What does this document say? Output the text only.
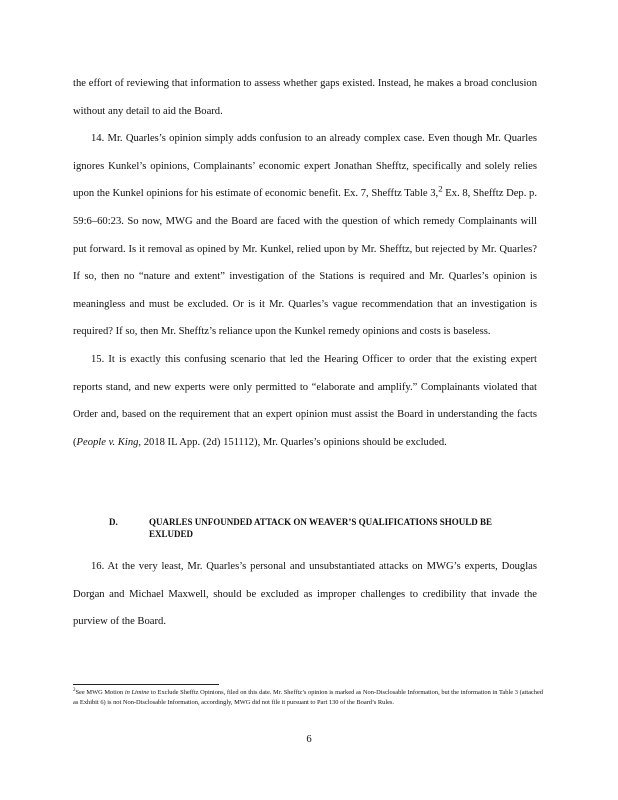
the effort of reviewing that information to assess whether gaps existed. Instead, he makes a broad conclusion without any detail to aid the Board.

14. Mr. Quarles’s opinion simply adds confusion to an already complex case. Even though Mr. Quarles ignores Kunkel’s opinions, Complainants’ economic expert Jonathan Shefftz, specifically and solely relies upon the Kunkel opinions for his estimate of economic benefit. Ex. 7, Shefftz Table 3,$^2$ Ex. 8, Shefftz Dep. p. 59:6–60:23. So now, MWG and the Board are faced with the question of which remedy Complainants will put forward. Is it removal as opined by Mr. Kunkel, relied upon by Mr. Shefftz, but rejected by Mr. Quarles? If so, then no “nature and extent” investigation of the Stations is required and Mr. Quarles’s opinion is meaningless and must be excluded. Or is it Mr. Quarles’s vague recommendation that an investigation is required? If so, then Mr. Shefftz’s reliance upon the Kunkel remedy opinions and costs is baseless.

15. It is exactly this confusing scenario that led the Hearing Officer to order that the existing expert reports stand, and new experts were only permitted to “elaborate and amplify.” Complainants violated that Order and, based on the requirement that an expert opinion must assist the Board in understanding the facts (People v. King, 2018 IL App. (2d) 151112), Mr. Quarles’s opinions should be excluded.

D.	QUARLES UNFOUNDED ATTACK ON WEAVER’S QUALIFICATIONS SHOULD BE EXLUDED

16. At the very least, Mr. Quarles’s personal and unsubstantiated attacks on MWG’s experts, Douglas Dorgan and Michael Maxwell, should be excluded as improper challenges to credibility that invade the purview of the Board.

$^2$See MWG Motion in Limine to Exclude Shefftz Opinions, filed on this date. Mr. Shefftz’s opinion is marked as Non-Disclosable Information, but the information in Table 3 (attached as Exhibit 6) is not Non-Disclosable Information, accordingly, MWG did not file it pursuant to Part 130 of the Board’s Rules.
6
